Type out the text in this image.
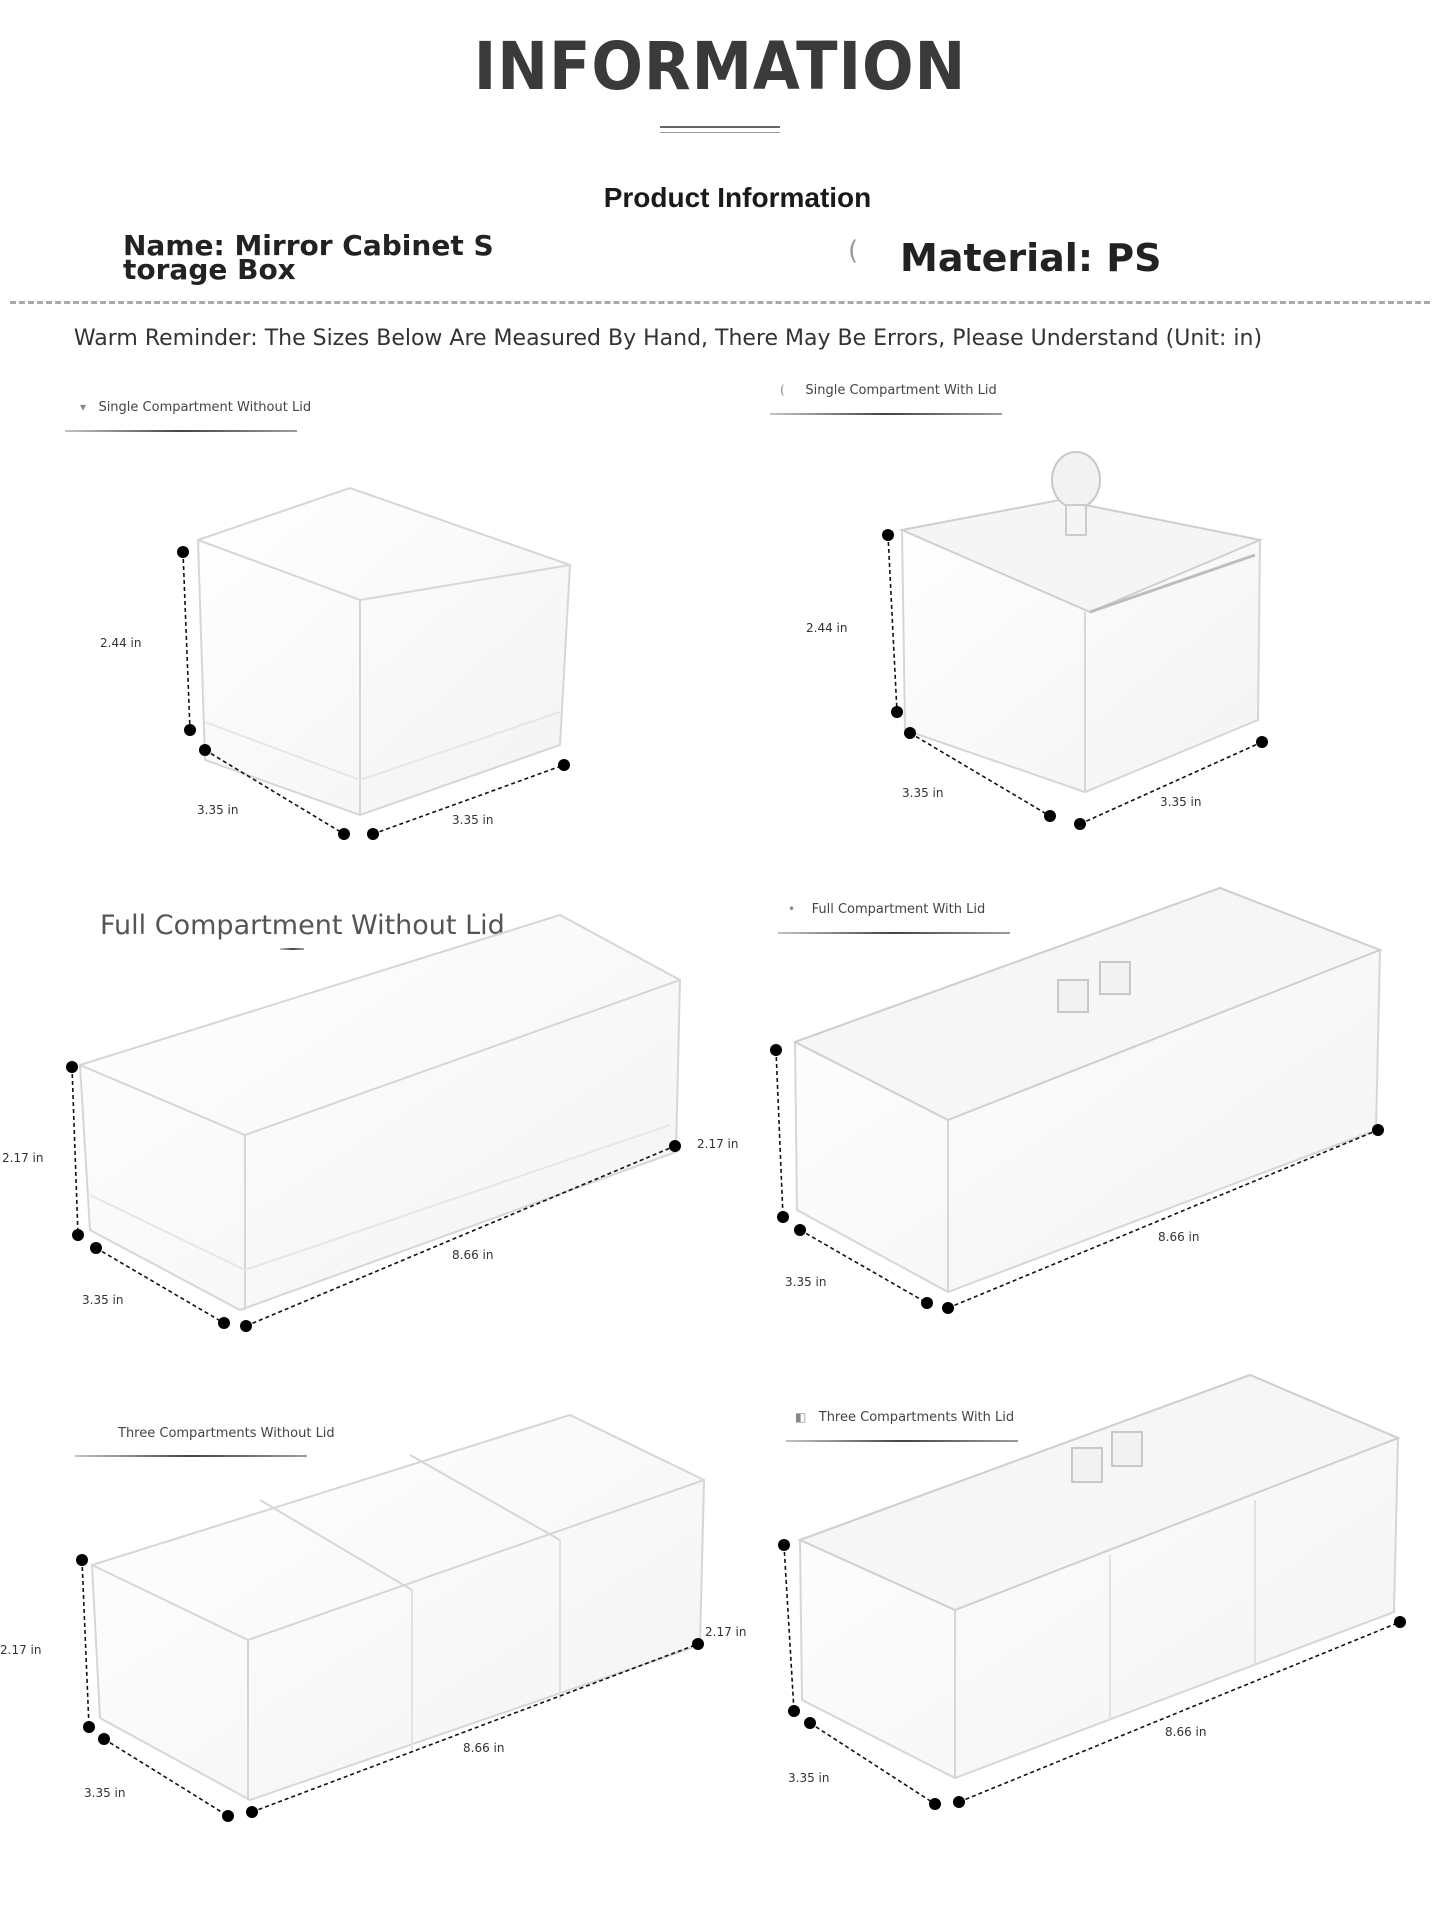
INFORMATION
Product Information
Name: Mirror Cabinet Storage Box
( Material: PS
Warm Reminder: The Sizes Below Are Measured By Hand, There May Be Errors, Please Understand (Unit: in)
▾ Single Compartment Without Lid
( Single Compartment With Lid
Full Compartment Without Lid
• Full Compartment With Lid
Three Compartments Without Lid
◧ Three Compartments With Lid
2.44 in
3.35 in
3.35 in
2.44 in
3.35 in
3.35 in
2.17 in
2.17 in
3.35 in
8.66 in
3.35 in
8.66 in
2.17 in
2.17 in
3.35 in
8.66 in
3.35 in
8.66 in
